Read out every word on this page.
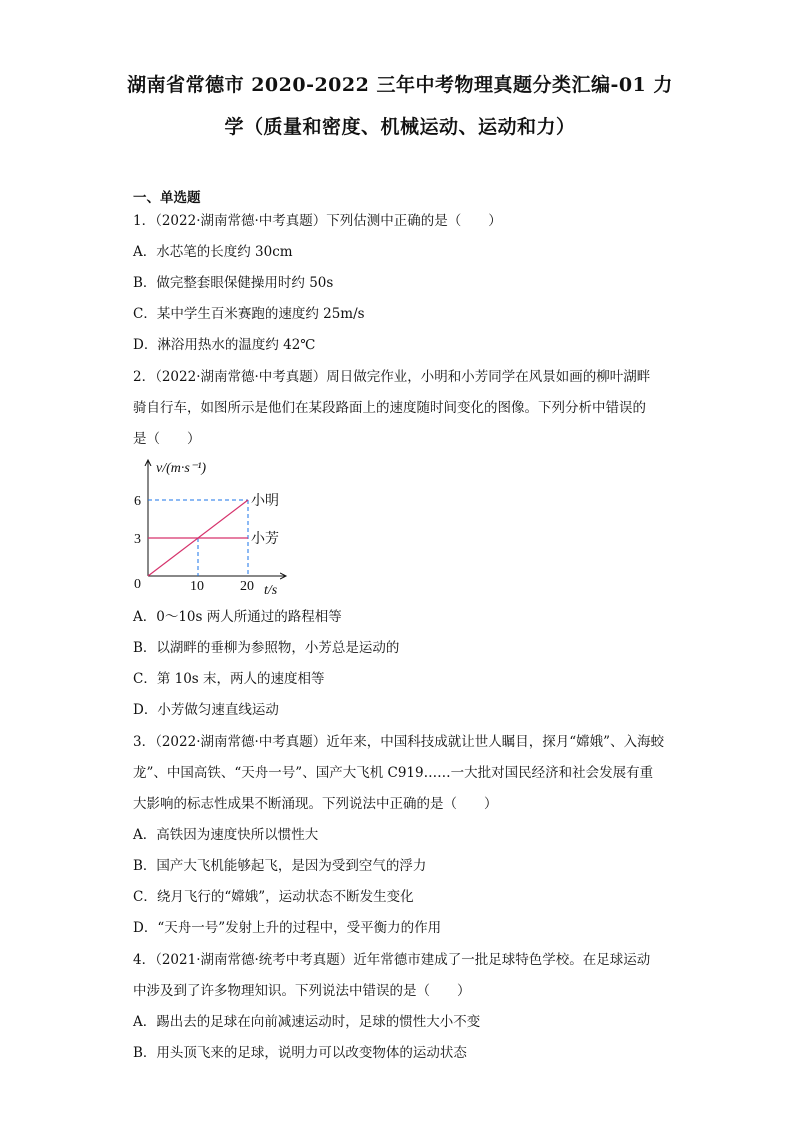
湖南省常德市 2020-2022 三年中考物理真题分类汇编-01 力
学（质量和密度、机械运动、运动和力）
一、单选题
1．（2022·湖南常德·中考真题）下列估测中正确的是（　　）
A．水芯笔的长度约 30cm
B．做完整套眼保健操用时约 50s
C．某中学生百米赛跑的速度约 25m/s
D．淋浴用热水的温度约 42℃
2．（2022·湖南常德·中考真题）周日做完作业，小明和小芳同学在风景如画的柳叶湖畔
骑自行车，如图所示是他们在某段路面上的速度随时间变化的图像。下列分析中错误的
是（　　）
v/(m·s⁻¹)
t/s
0
小明
小芳
10	20
3
6
A．0～10s 两人所通过的路程相等
B．以湖畔的垂柳为参照物，小芳总是运动的
C．第 10s 末，两人的速度相等
D．小芳做匀速直线运动
3．（2022·湖南常德·中考真题）近年来，中国科技成就让世人瞩目，探月“嫦娥”、入海蛟
龙”、中国高铁、“天舟一号”、国产大飞机 C919……一大批对国民经济和社会发展有重
大影响的标志性成果不断涌现。下列说法中正确的是（　　）
A．高铁因为速度快所以惯性大
B．国产大飞机能够起飞，是因为受到空气的浮力
C．绕月飞行的“嫦娥”，运动状态不断发生变化
D．“天舟一号”发射上升的过程中，受平衡力的作用
4．（2021·湖南常德·统考中考真题）近年常德市建成了一批足球特色学校。在足球运动
中涉及到了许多物理知识。下列说法中错误的是（　　）
A．踢出去的足球在向前减速运动时，足球的惯性大小不变
B．用头顶飞来的足球，说明力可以改变物体的运动状态
